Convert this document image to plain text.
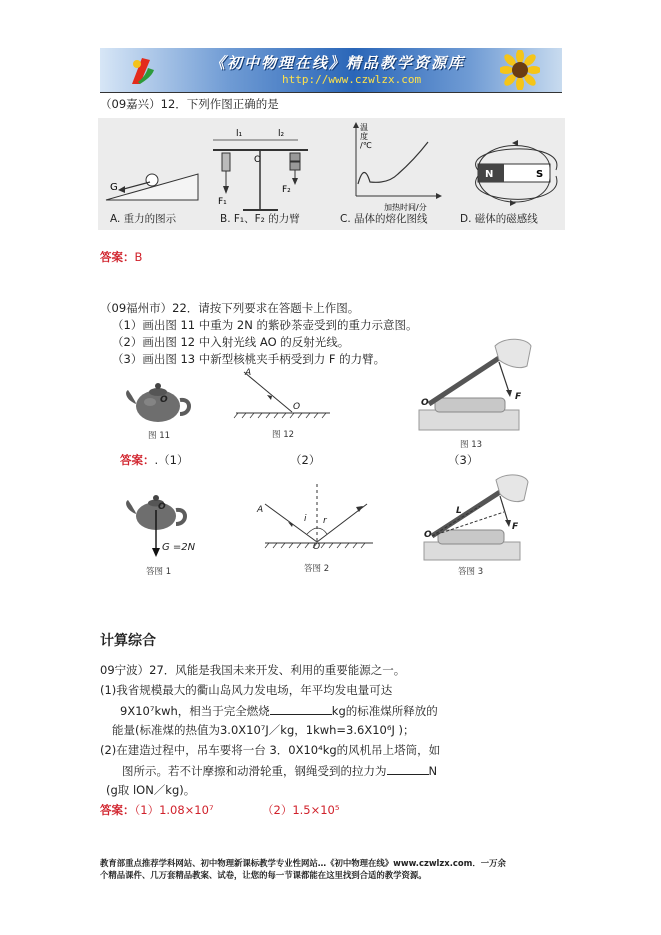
《初中物理在线》精品教学资源库
http://www.czwlzx.com
（09嘉兴）12．下列作图正确的是
G
l₁	l₂
O
F₁
F₂
温
度
/℃
加热时间/分
N	S
A. 重力的图示	B. F₁、F₂ 的力臂	C. 晶体的熔化图线	D. 磁体的磁感线
答案：B
（09福州市）22．请按下列要求在答题卡上作图。
（1）画出图 11 中重为 2N 的紫砂茶壶受到的重力示意图。
（2）画出图 12 中入射光线 AO 的反射光线。
（3）画出图 13 中新型核桃夹手柄受到力 F 的力臂。
O
图 11
A
O
图 12
O
F
图 13
答案：.（1）	（2）	（3）
O
G =2N
答图 1
A
i r
O
答图 2
O
L
F
答图 3
计算综合
09宁波）27．风能是我国未来开发、利用的重要能源之一。
(1)我省规模最大的衢山岛风力发电场，年平均发电量可达
9X10⁷kwh，相当于完全燃烧	kg的标准煤所释放的
能量(标准煤的热值为3.0X10⁷J／kg，1kwh=3.6X10⁶J )；
(2)在建造过程中，吊车要将一台 3．0X10⁴kg的风机吊上塔筒，如
图所示。若不计摩擦和动滑轮重，钢绳受到的拉力为	N
(g取 lON／kg)。
答案：（1）1.08×10⁷	（2）1.5×10⁵
教育部重点推荐学科网站、初中物理新课标教学专业性网站…《初中物理在线》www.czwlzx.com．一万余
个精品课件、几万套精品教案、试卷，让您的每一节课都能在这里找到合适的教学资源。
